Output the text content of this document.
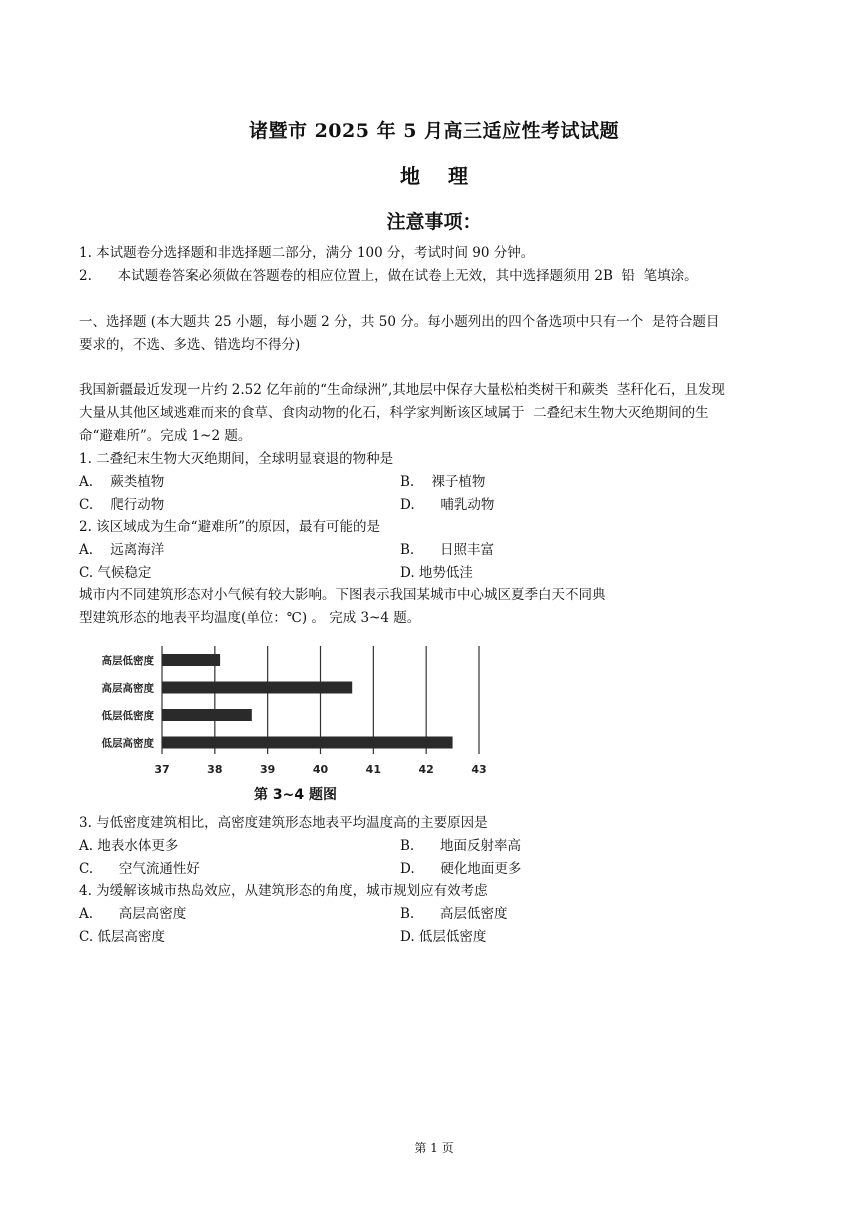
诸暨市 2025 年 5 月高三适应性考试试题
地理
注意事项：
1. 本试题卷分选择题和非选择题二部分，满分 100 分，考试时间 90 分钟。
2.      本试题卷答案必须做在答题卷的相应位置上，做在试卷上无效，其中选择题须用 2B  铅  笔填涂。
一、选择题 (本大题共 25 小题，每小题 2 分，共 50 分。每小题列出的四个备选项中只有一个  是符合题目
要求的，不选、多选、错选均不得分)
我国新疆最近发现一片约 2.52 亿年前的“生命绿洲”,其地层中保存大量松柏类树干和蕨类  茎秆化石，且发现
大量从其他区域逃难而来的食草、食肉动物的化石，科学家判断该区域属于  二叠纪末生物大灭绝期间的生
命“避难所”。完成 1~2 题。
1. 二叠纪末生物大灭绝期间，全球明显衰退的物种是
A.    蕨类植物	B.    裸子植物
C.    爬行动物	D.      哺乳动物
2. 该区域成为生命“避难所”的原因，最有可能的是
A.    远离海洋	B.      日照丰富
C. 气候稳定	D. 地势低洼
城市内不同建筑形态对小气候有较大影响。下图表示我国某城市中心城区夏季白天不同典
型建筑形态的地表平均温度(单位：℃) 。 完成 3~4 题。
37	38	39	40	41	42	43
高层低密度
高层高密度
低层低密度
低层高密度
第 3~4 题图
3. 与低密度建筑相比，高密度建筑形态地表平均温度高的主要原因是
A. 地表水体更多	B.      地面反射率高
C.      空气流通性好	D.      硬化地面更多
4. 为缓解该城市热岛效应，从建筑形态的角度，城市规划应有效考虑
A.      高层高密度	B.      高层低密度
C. 低层高密度	D. 低层低密度
第 1 页
